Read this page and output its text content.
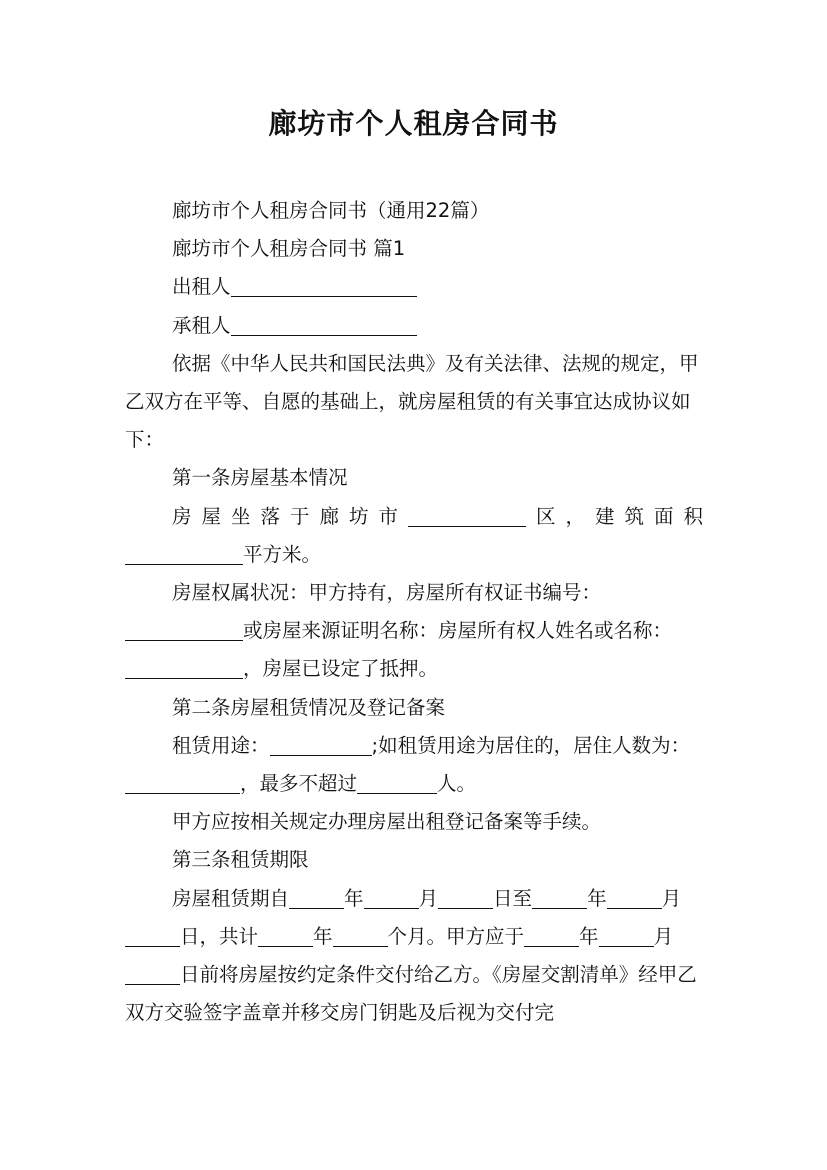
廊坊市个人租房合同书

廊坊市个人租房合同书（通用22篇）

廊坊市个人租房合同书 篇1

出租人

承租人

依据《中华人民共和国民法典》及有关法律、法规的规定，甲乙双方在平等、自愿的基础上，就房屋租赁的有关事宜达成协议如下：

第一条房屋基本情况

房屋坐落于廊坊市	区，建筑面积

平方米。

房屋权属状况：甲方持有，房屋所有权证书编号：或房屋来源证明名称：房屋所有权人姓名或名称：，房屋已设定了抵押。

第二条房屋租赁情况及登记备案

租赁用途：	;如租赁用途为居住的，居住人数为：，最多不超过	人。

甲方应按相关规定办理房屋出租登记备案等手续。

第三条租赁期限

房屋租赁期自	年	月	日至	年	月日，共计	年	个月。甲方应于	年	月日前将房屋按约定条件交付给乙方。《房屋交割清单》经甲乙双方交验签字盖章并移交房门钥匙及后视为交付完
